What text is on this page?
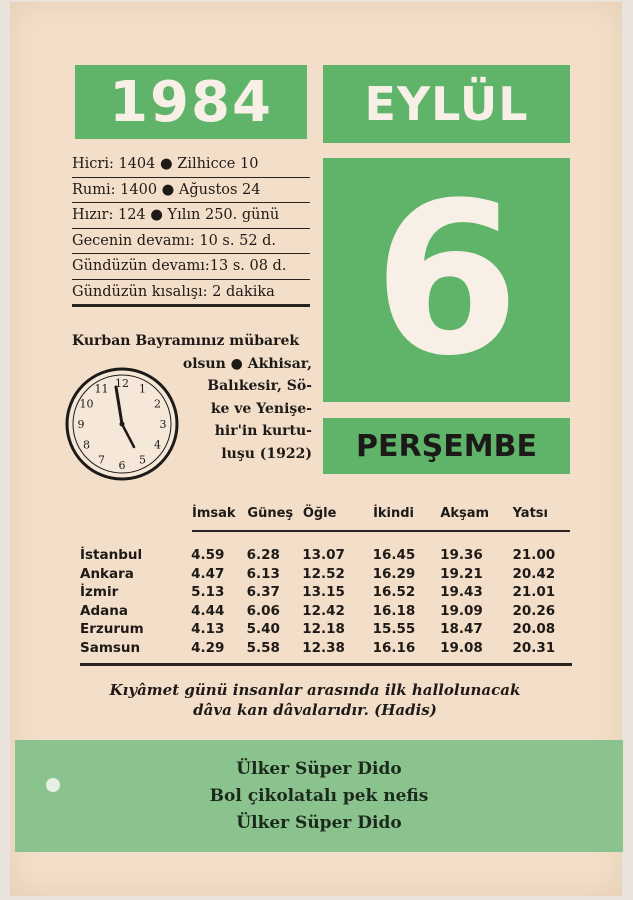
1984	EYLÜL
6
PERŞEMBE
Hicri: 1404 ● Zilhicce 10
Rumi: 1400 ● Ağustos 24
Hızır: 124 ● Yılın 250. günü
Gecenin devamı: 10 s. 52 d.
Gündüzün devamı:13 s. 08 d.
Gündüzün kısalışı: 2 dakika
Kurban Bayramınız mübarek
olsun ● Akhisar,
Balıkesir, Sö-
ke ve Yenişe-
hir'in kurtu-
luşu (1922)
12 1
2
3
4
5
6
7
8
9
10
11
İmsak Güneş Öğle	İkindi	Akşam	Yatsı
İstanbul	4.59	6.28	13.07	16.45	19.36	21.00
Ankara	4.47	6.13	12.52	16.29	19.21	20.42
İzmir	5.13	6.37	13.15	16.52	19.43	21.01
Adana	4.44	6.06	12.42	16.18	19.09	20.26
Erzurum	4.13	5.40	12.18	15.55	18.47	20.08
Samsun	4.29	5.58	12.38	16.16	19.08	20.31
Kıyâmet günü insanlar arasında ilk hallolunacak
dâva kan dâvalarıdır. (Hadis)
Ülker Süper Dido
Bol çikolatalı pek nefis
Ülker Süper Dido
